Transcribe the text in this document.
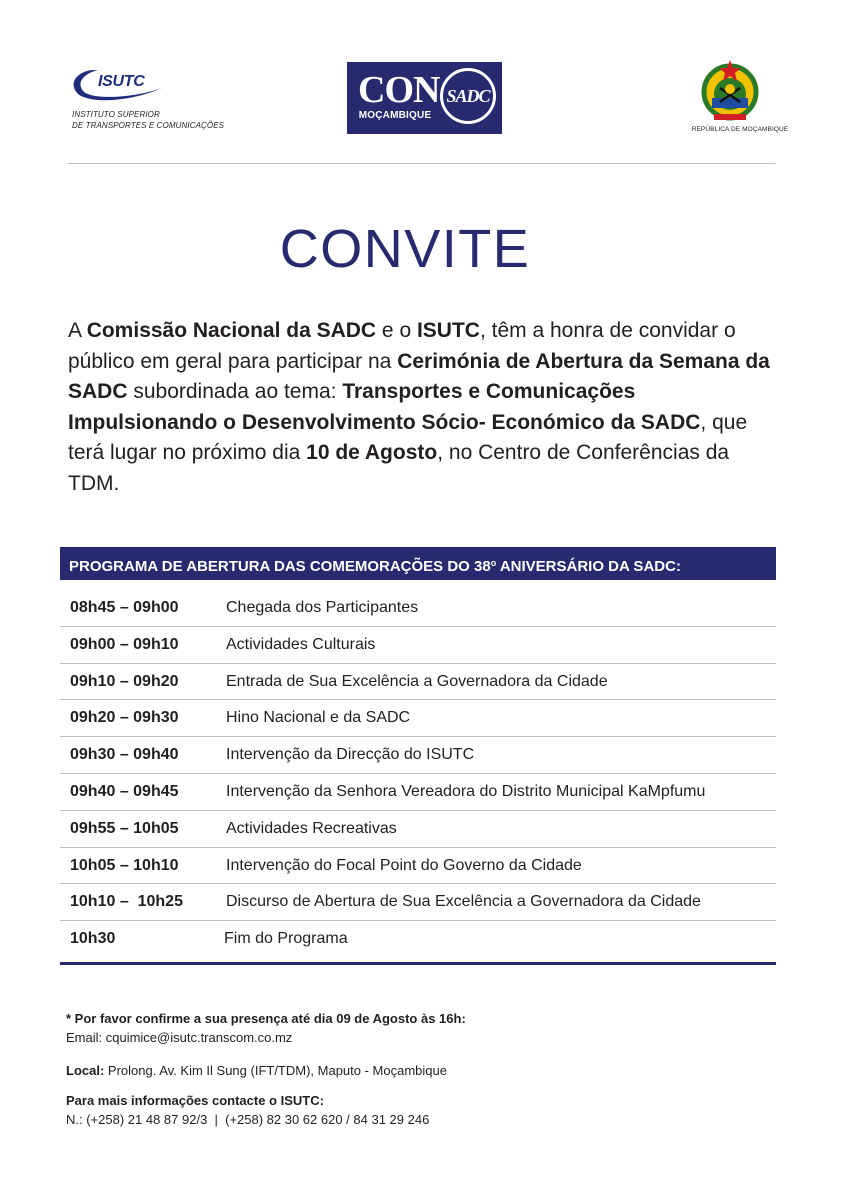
ISUTC
INSTITUTO SUPERIOR
DE TRANSPORTES E COMUNICAÇÕES
CON
MOÇAMBIQUE
SADC
REPÚBLICA DE MOÇAMBIQUE
CONVITE
A Comissão Nacional da SADC e o ISUTC, têm a honra de convidar o público em geral para participar na Cerimónia de Abertura da Semana da SADC subordinada ao tema: Transportes e Comunicações Impulsionando o Desenvolvimento Sócio- Económico da SADC, que terá lugar no próximo dia 10 de Agosto, no Centro de Conferências da TDM.
PROGRAMA DE ABERTURA DAS COMEMORAÇÕES DO 38$^o$ ANIVERSÁRIO DA SADC:
08h45 – 09h00	Chegada dos Participantes
09h00 – 09h10	Actividades Culturais
09h10 – 09h20	Entrada de Sua Excelência a Governadora da Cidade
09h20 – 09h30	Hino Nacional e da SADC
09h30 – 09h40	Intervenção da Direcção do ISUTC
09h40 – 09h45	Intervenção da Senhora Vereadora do Distrito Municipal KaMpfumu
09h55 – 10h05	Actividades Recreativas
10h05 – 10h10	Intervenção do Focal Point do Governo da Cidade
10h10 –  10h25	Discurso de Abertura de Sua Excelência a Governadora da Cidade
10h30	Fim do Programa
* Por favor confirme a sua presença até dia 09 de Agosto às 16h:
Email: cquimice@isutc.transcom.co.mz
Local: Prolong. Av. Kim Il Sung (IFT/TDM), Maputo - Moçambique
Para mais informações contacte o ISUTC:
N.: (+258) 21 48 87 92/3  |  (+258) 82 30 62 620 / 84 31 29 246
